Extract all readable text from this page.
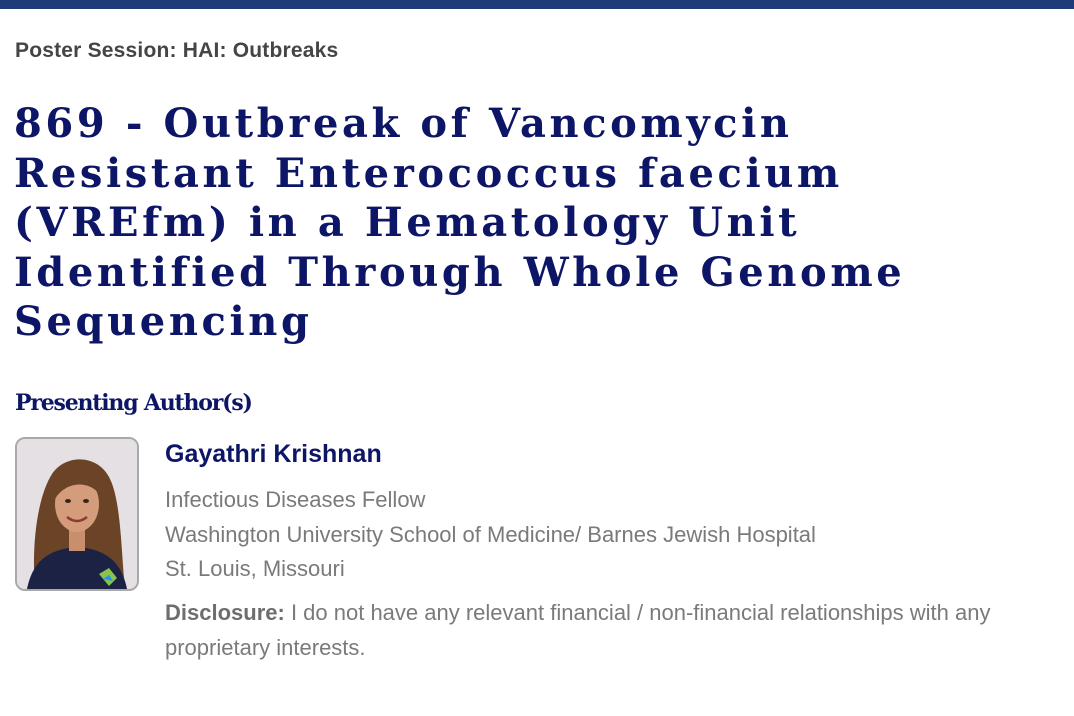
Poster Session: HAI: Outbreaks
869 - Outbreak of Vancomycin
Resistant Enterococcus faecium
(VREfm) in a Hematology Unit
Identified Through Whole Genome
Sequencing
Presenting Author(s)
Gayathri Krishnan
Infectious Diseases Fellow
Washington University School of Medicine/ Barnes Jewish Hospital
St. Louis, Missouri
Disclosure: I do not have any relevant financial / non-financial relationships with any proprietary interests.
